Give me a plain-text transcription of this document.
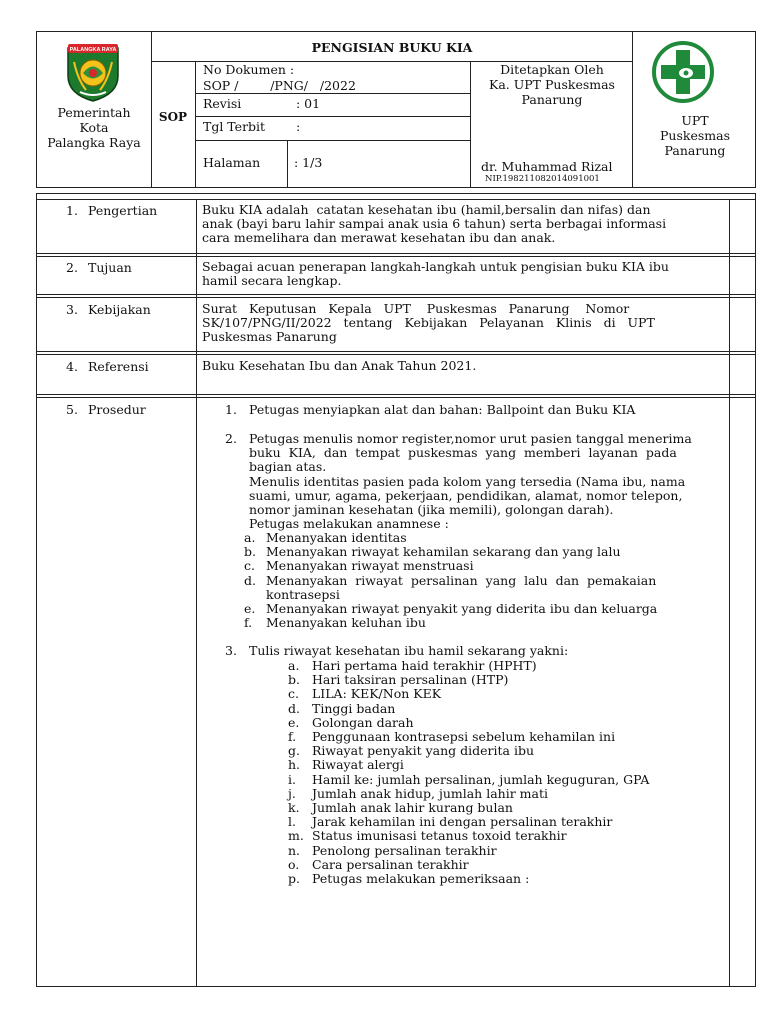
PALANGKA RAYA
Pemerintah
Kota
Palangka Raya
SOP
PENGISIAN BUKU KIA
No Dokumen :
SOP /        /PNG/   /2022
Revisi	: 01
Tgl Terbit :
Halaman	: 1/3
Ditetapkan Oleh
Ka. UPT Puskesmas
Panarung
dr. Muhammad Rizal
NIP.198211082014091001
UPT
Puskesmas
Panarung
1. Pengertian	Buku KIA adalah  catatan kesehatan ibu (hamil,bersalin dan nifas) dan
anak (bayi baru lahir sampai anak usia 6 tahun) serta berbagai informasi
cara memelihara dan merawat kesehatan ibu dan anak.
2. Tujuan	Sebagai acuan penerapan langkah-langkah untuk pengisian buku KIA ibu
hamil secara lengkap.
3. Kebijakan	Surat   Keputusan   Kepala   UPT    Puskesmas   Panarung    Nomor
SK/107/PNG/II/2022   tentang   Kebijakan   Pelayanan   Klinis   di   UPT
Puskesmas Panarung
4. Referensi	Buku Kesehatan Ibu dan Anak Tahun 2021.
5. Prosedur	1. Petugas menyiapkan alat dan bahan: Ballpoint dan Buku KIA
2. Petugas menulis nomor register,nomor urut pasien tanggal menerima
buku  KIA,  dan  tempat  puskesmas  yang  memberi  layanan  pada
bagian atas.
Menulis identitas pasien pada kolom yang tersedia (Nama ibu, nama
suami, umur, agama, pekerjaan, pendidikan, alamat, nomor telepon,
nomor jaminan kesehatan (jika memili), golongan darah).
Petugas melakukan anamnese :
a. Menanyakan identitas
b. Menanyakan riwayat kehamilan sekarang dan yang lalu
c. Menanyakan riwayat menstruasi
d. Menanyakan  riwayat  persalinan  yang  lalu  dan  pemakaian
kontrasepsi
e. Menanyakan riwayat penyakit yang diderita ibu dan keluarga
f. Menanyakan keluhan ibu
3. Tulis riwayat kesehatan ibu hamil sekarang yakni:
a. Hari pertama haid terakhir (HPHT)
b. Hari taksiran persalinan (HTP)
c. LILA: KEK/Non KEK
d. Tinggi badan
e. Golongan darah
f. Penggunaan kontrasepsi sebelum kehamilan ini
g. Riwayat penyakit yang diderita ibu
h. Riwayat alergi
i. Hamil ke: jumlah persalinan, jumlah keguguran, GPA
j. Jumlah anak hidup, jumlah lahir mati
k. Jumlah anak lahir kurang bulan
l. Jarak kehamilan ini dengan persalinan terakhir
m. Status imunisasi tetanus toxoid terakhir
n. Penolong persalinan terakhir
o. Cara persalinan terakhir
p. Petugas melakukan pemeriksaan :
